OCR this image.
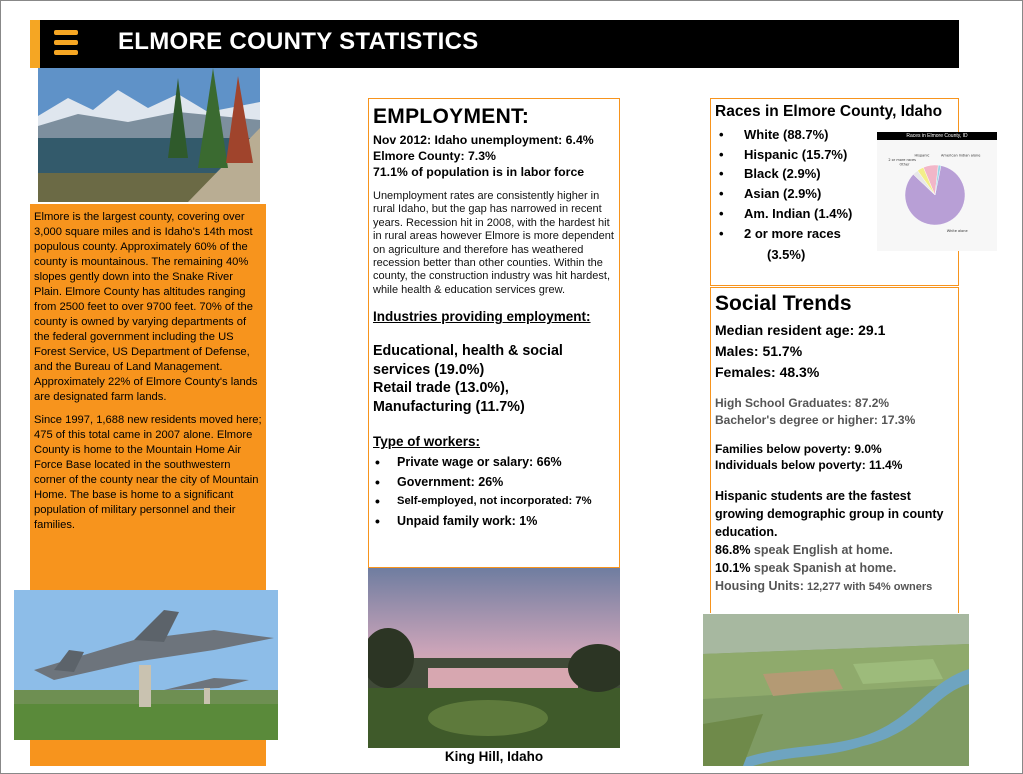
ELMORE COUNTY STATISTICS

Elmore is the largest county, covering over 3,000 square miles and is Idaho's 14th most populous county. Approximately 60% of the county is mountainous. The remaining 40% slopes gently down into the Snake River Plain. Elmore County has altitudes ranging from 2500 feet to over 9700 feet. 70% of the county is owned by varying departments of the federal government including the US Forest Service, US Department of Defense, and the Bureau of Land Management. Approximately 22% of Elmore County's lands are designated farm lands.

Since 1997, 1,688 new residents moved here; 475 of this total came in 2007 alone. Elmore County is home to the Mountain Home Air Force Base located in the southwestern corner of the county near the city of Mountain Home. The base is home to a significant population of military personnel and their families.

EMPLOYMENT:
Nov 2012: Idaho unemployment: 6.4%
Elmore County: 7.3%
71.1% of population is in labor force
Unemployment rates are consistently higher in rural Idaho, but the gap has narrowed in recent years. Recession hit in 2008, with the hardest hit in rural areas however Elmore is more dependent on agriculture and therefore has weathered recession better than other counties. Within the county, the construction industry was hit hardest, while health & education services grew.
Industries providing employment:
Educational, health & social services (19.0%)
Retail trade (13.0%),
Manufacturing (11.7%)
Type of workers:
• Private wage or salary: 66%
• Government: 26%
• Self-employed, not incorporated: 7%
• Unpaid family work: 1%
King Hill, Idaho
Races in Elmore County, Idaho
• White (88.7%)
• Hispanic (15.7%)
• Black (2.9%)
• Asian (2.9%)
• Am. Indian (1.4%)
• 2 or more races
(3.5%)
Races in Elmore County, ID
White alone
Other
2 or more races
Hispanic	American Indian alone
Social Trends
Median resident age: 29.1
Males: 51.7%
Females: 48.3%
High School Graduates: 87.2%
Bachelor's degree or higher: 17.3%
Families below poverty: 9.0%
Individuals below poverty: 11.4%
Hispanic students are the fastest growing demographic group in county education.
86.8% speak English at home.
10.1% speak Spanish at home.
Housing Units: 12,277 with 54% owners
